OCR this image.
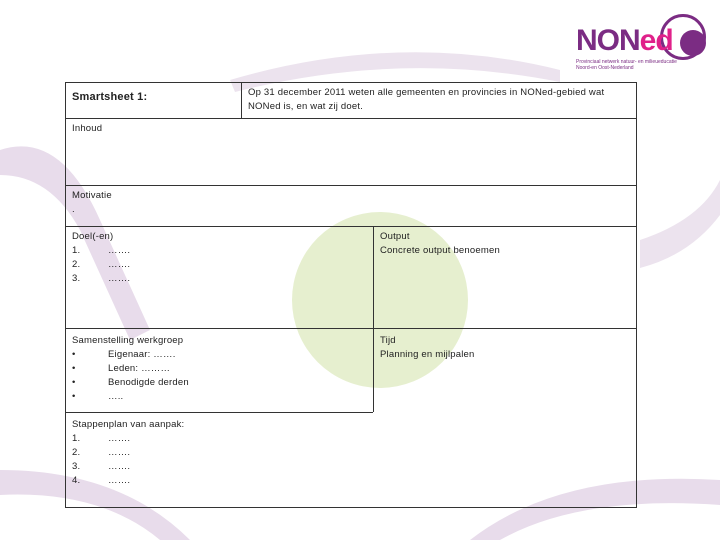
NONed
Provinciaal netwerk natuur- en milieueducatie Noord-en Oost-Nederland
Smartsheet 1:	Op 31 december 2011 weten alle gemeenten en provincies in NONed-gebied wat NONed is, en wat zij doet.
Inhoud
Motivatie
.
Doel(-en)
1.	…….
2.	…….
3.	…….
Output
Concrete output benoemen
Samenstelling werkgroep
•	Eigenaar: …….
•	Leden: ………
•	Benodigde derden
•	…..
Tijd
Planning en mijlpalen
Stappenplan van aanpak:
1.	…….
2.	…….
3.	…….
4.	…….
